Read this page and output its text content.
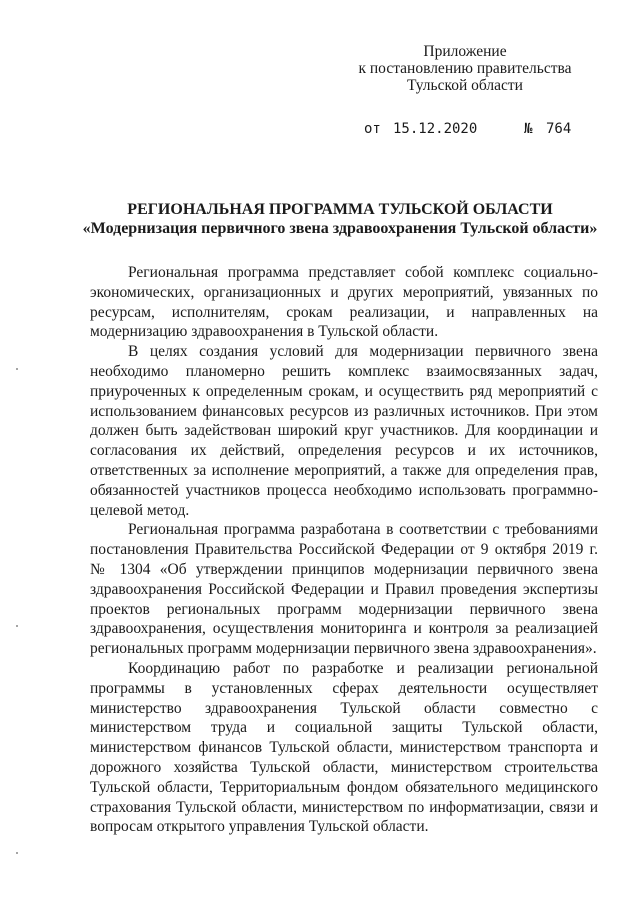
Приложение
к постановлению правительства
Тульской области
от 15.12.2020	№ 764
РЕГИОНАЛЬНАЯ ПРОГРАММА ТУЛЬСКОЙ ОБЛАСТИ
«Модернизация первичного звена здравоохранения Тульской области»

Региональная программа представляет собой комплекс социально-экономических, организационных и других мероприятий, увязанных по ресурсам, исполнителям, срокам реализации, и направленных на модернизацию здравоохранения в Тульской области.

В целях создания условий для модернизации первичного звена необходимо планомерно решить комплекс взаимосвязанных задач, приуроченных к определенным срокам, и осуществить ряд мероприятий с использованием финансовых ресурсов из различных источников. При этом должен быть задействован широкий круг участников. Для координации и согласования их действий, определения ресурсов и их источников, ответственных за исполнение мероприятий, а также для определения прав, обязанностей участников процесса необходимо использовать программно-целевой метод.

Региональная программа разработана в соответствии с требованиями постановления Правительства Российской Федерации от 9 октября 2019 г. № 1304 «Об утверждении принципов модернизации первичного звена здравоохранения Российской Федерации и Правил проведения экспертизы проектов региональных программ модернизации первичного звена здравоохранения, осуществления мониторинга и контроля за реализацией региональных программ модернизации первичного звена здравоохранения».

Координацию работ по разработке и реализации региональной программы в установленных сферах деятельности осуществляет министерство здравоохранения Тульской области совместно с министерством труда и социальной защиты Тульской области, министерством финансов Тульской области, министерством транспорта и дорожного хозяйства Тульской области, министерством строительства Тульской области, Территориальным фондом обязательного медицинского страхования Тульской области, министерством по информатизации, связи и вопросам открытого управления Тульской области.
